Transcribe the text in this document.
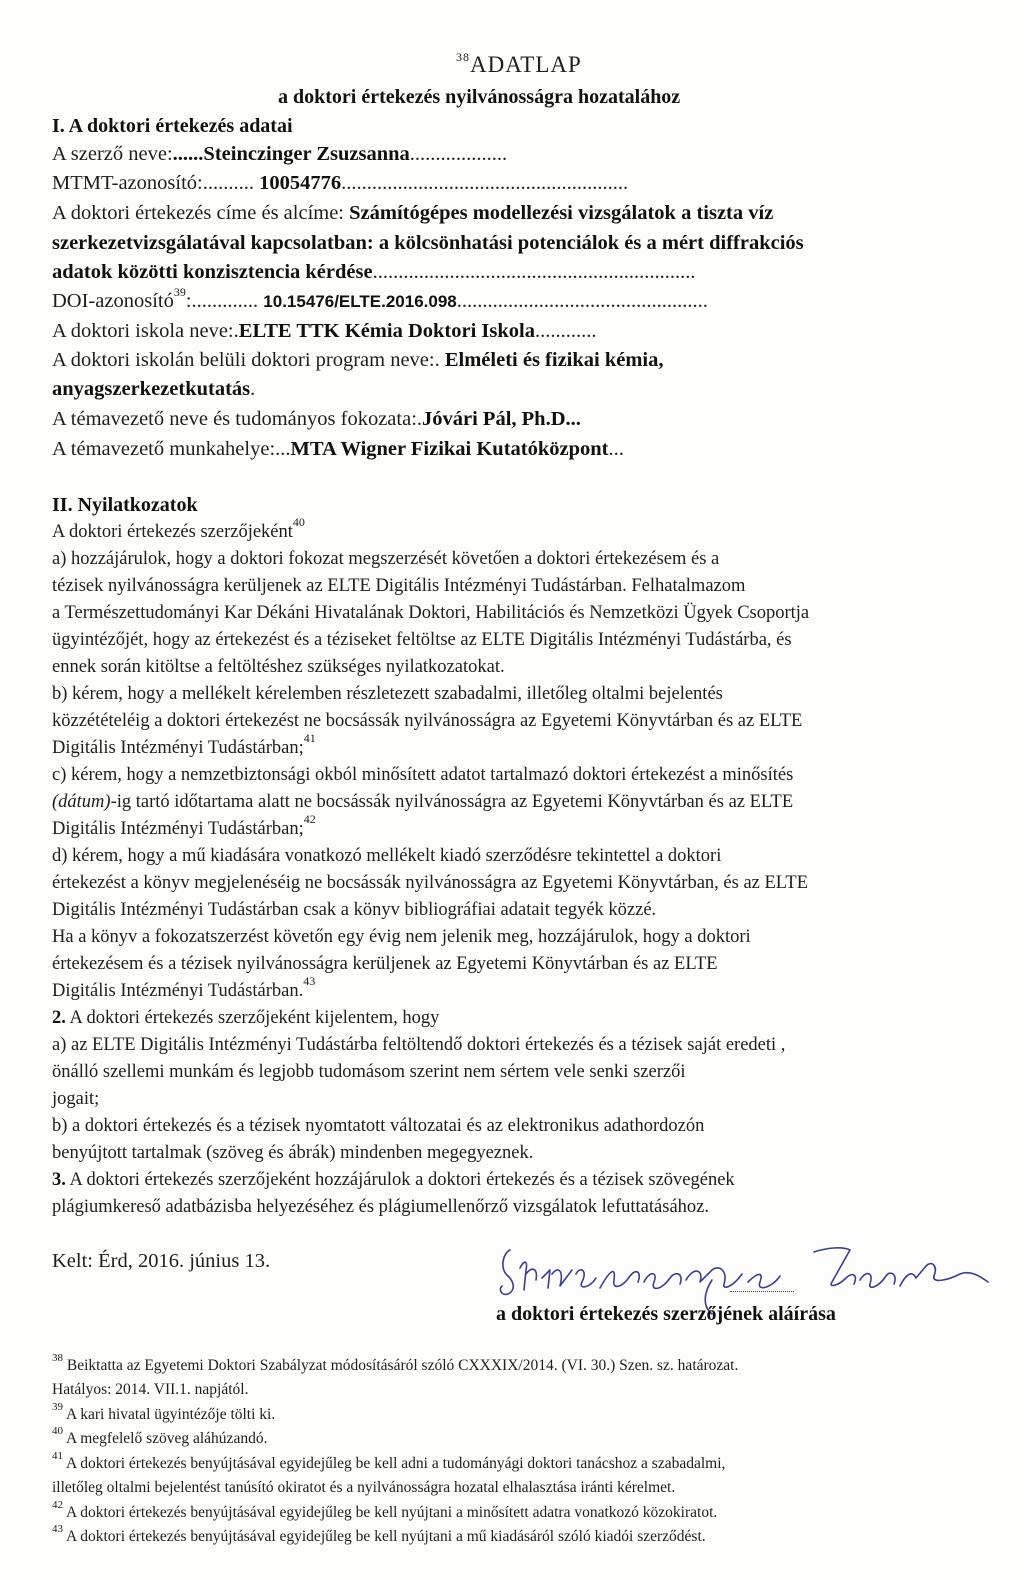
$^{38}$ADATLAP
a doktori értekezés nyilvánosságra hozatalához
I. A doktori értekezés adatai
A szerző neve:......Steinczinger Zsuzsanna...................
MTMT-azonosító:.......... 10054776........................................................
A doktori értekezés címe és alcíme: Számítógépes modellezési vizsgálatok a tiszta víz
szerkezetvizsgálatával kapcsolatban: a kölcsönhatási potenciálok és a mért diffrakciós
adatok közötti konzisztencia kérdése...............................................................
DOI-azonosító$^{39}$:............. 10.15476/ELTE.2016.098.................................................
A doktori iskola neve:.ELTE TTK Kémia Doktori Iskola............
A doktori iskolán belüli doktori program neve:. Elméleti és fizikai kémia,
anyagszerkezetkutatás.
A témavezető neve és tudományos fokozata:.Jóvári Pál, Ph.D...
A témavezető munkahelye:...MTA Wigner Fizikai Kutatóközpont...
II. Nyilatkozatok
A doktori értekezés szerzőjeként$^{40}$
a) hozzájárulok, hogy a doktori fokozat megszerzését követően a doktori értekezésem és a
tézisek nyilvánosságra kerüljenek az ELTE Digitális Intézményi Tudástárban. Felhatalmazom
a Természettudományi Kar Dékáni Hivatalának Doktori, Habilitációs és Nemzetközi Ügyek Csoportja
ügyintézőjét, hogy az értekezést és a téziseket feltöltse az ELTE Digitális Intézményi Tudástárba, és
ennek során kitöltse a feltöltéshez szükséges nyilatkozatokat.
b) kérem, hogy a mellékelt kérelemben részletezett szabadalmi, illetőleg oltalmi bejelentés
közzétételéig a doktori értekezést ne bocsássák nyilvánosságra az Egyetemi Könyvtárban és az ELTE
Digitális Intézményi Tudástárban;$^{41}$
c) kérem, hogy a nemzetbiztonsági okból minősített adatot tartalmazó doktori értekezést a minősítés
(dátum)-ig tartó időtartama alatt ne bocsássák nyilvánosságra az Egyetemi Könyvtárban és az ELTE
Digitális Intézményi Tudástárban;$^{42}$
d) kérem, hogy a mű kiadására vonatkozó mellékelt kiadó szerződésre tekintettel a doktori
értekezést a könyv megjelenéséig ne bocsássák nyilvánosságra az Egyetemi Könyvtárban, és az ELTE
Digitális Intézményi Tudástárban csak a könyv bibliográfiai adatait tegyék közzé.
Ha a könyv a fokozatszerzést követőn egy évig nem jelenik meg, hozzájárulok, hogy a doktori
értekezésem és a tézisek nyilvánosságra kerüljenek az Egyetemi Könyvtárban és az ELTE
Digitális Intézményi Tudástárban.$^{43}$
2. A doktori értekezés szerzőjeként kijelentem, hogy
a) az ELTE Digitális Intézményi Tudástárba feltöltendő doktori értekezés és a tézisek saját eredeti ,
önálló szellemi munkám és legjobb tudomásom szerint nem sértem vele senki szerzői
jogait;
b) a doktori értekezés és a tézisek nyomtatott változatai és az elektronikus adathordozón
benyújtott tartalmak (szöveg és ábrák) mindenben megegyeznek.
3. A doktori értekezés szerzőjeként hozzájárulok a doktori értekezés és a tézisek szövegének
plágiumkereső adatbázisba helyezéséhez és plágiumellenőrző vizsgálatok lefuttatásához.
Kelt: Érd, 2016. június 13.
a doktori értekezés szerzőjének aláírása
$^{38}$ Beiktatta az Egyetemi Doktori Szabályzat módosításáról szóló CXXXIX/2014. (VI. 30.) Szen. sz. határozat.
Hatályos: 2014. VII.1. napjától.
$^{39}$ A kari hivatal ügyintézője tölti ki.
$^{40}$ A megfelelő szöveg aláhúzandó.
$^{41}$ A doktori értekezés benyújtásával egyidejűleg be kell adni a tudományági doktori tanácshoz a szabadalmi,
illetőleg oltalmi bejelentést tanúsító okiratot és a nyilvánosságra hozatal elhalasztása iránti kérelmet.
$^{42}$ A doktori értekezés benyújtásával egyidejűleg be kell nyújtani a minősített adatra vonatkozó közokiratot.
$^{43}$ A doktori értekezés benyújtásával egyidejűleg be kell nyújtani a mű kiadásáról szóló kiadói szerződést.
